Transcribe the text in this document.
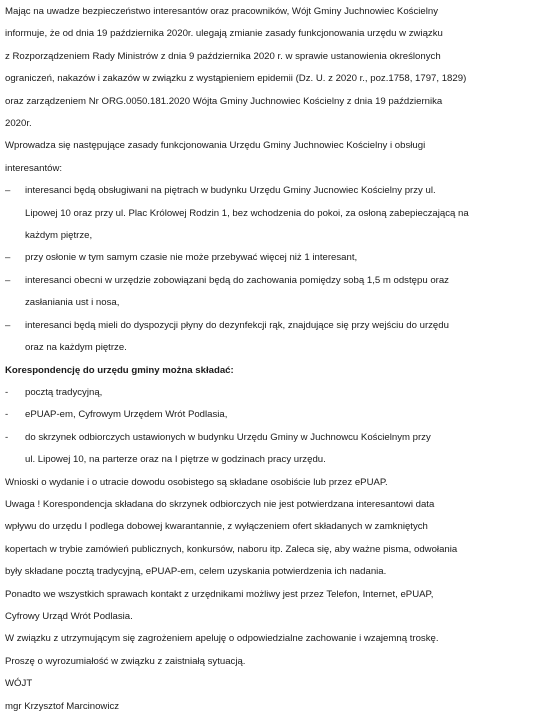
Mając na uwadze bezpieczeństwo interesantów oraz pracowników, Wójt Gminy Juchnowiec Kościelny
informuje, że od dnia 19 października 2020r. ulegają zmianie zasady funkcjonowania urzędu w związku
z Rozporządzeniem Rady Ministrów z dnia 9 października 2020 r. w sprawie ustanowienia określonych
ograniczeń, nakazów i zakazów w związku z wystąpieniem epidemii (Dz. U. z 2020 r., poz.1758, 1797, 1829)
oraz zarządzeniem Nr ORG.0050.181.2020 Wójta Gminy Juchnowiec Kościelny z dnia 19 października
2020r.
Wprowadza się następujące zasady funkcjonowania Urzędu Gminy Juchnowiec Kościelny i obsługi
interesantów:
–	interesanci będą obsługiwani na piętrach w budynku Urzędu Gminy Jucnowiec Kościelny przy ul.
Lipowej 10 oraz przy ul. Plac Królowej Rodzin 1, bez wchodzenia do pokoi, za osłoną zabepieczającą na
każdym piętrze,
–	przy osłonie w tym samym czasie nie może przebywać więcej niż 1 interesant,
–	interesanci obecni w urzędzie zobowiązani będą do zachowania pomiędzy sobą 1,5 m odstępu oraz
zasłaniania ust i nosa,
–	interesanci będą mieli do dyspozycji płyny do dezynfekcji rąk, znajdujące się przy wejściu do urzędu
oraz na każdym piętrze.
Korespondencję do urzędu gminy można składać:
-	pocztą tradycyjną,
-	ePUAP-em, Cyfrowym Urzędem Wrót Podlasia,
-	do skrzynek odbiorczych ustawionych w budynku Urzędu Gminy w Juchnowcu Kościelnym przy
ul. Lipowej 10, na parterze oraz na I piętrze w godzinach pracy urzędu.
Wnioski o wydanie i o utracie dowodu osobistego są składane osobiście lub przez ePUAP.
Uwaga ! Korespondencja składana do skrzynek odbiorczych nie jest potwierdzana interesantowi data
wpływu do urzędu I podlega dobowej kwarantannie, z wyłączeniem ofert składanych w zamkniętych
kopertach w trybie zamówień publicznych, konkursów, naboru itp. Zaleca się, aby ważne pisma, odwołania
były składane pocztą tradycyjną, ePUAP-em, celem uzyskania potwierdzenia ich nadania.
Ponadto we wszystkich sprawach kontakt z urzędnikami możliwy jest przez Telefon, Internet, ePUAP,
Cyfrowy Urząd Wrót Podlasia.
W związku z utrzymującym się zagrożeniem apeluję o odpowiedzialne zachowanie i wzajemną troskę.
Proszę o wyrozumiałość w związku z zaistniałą sytuacją.
WÓJT
mgr Krzysztof Marcinowicz
